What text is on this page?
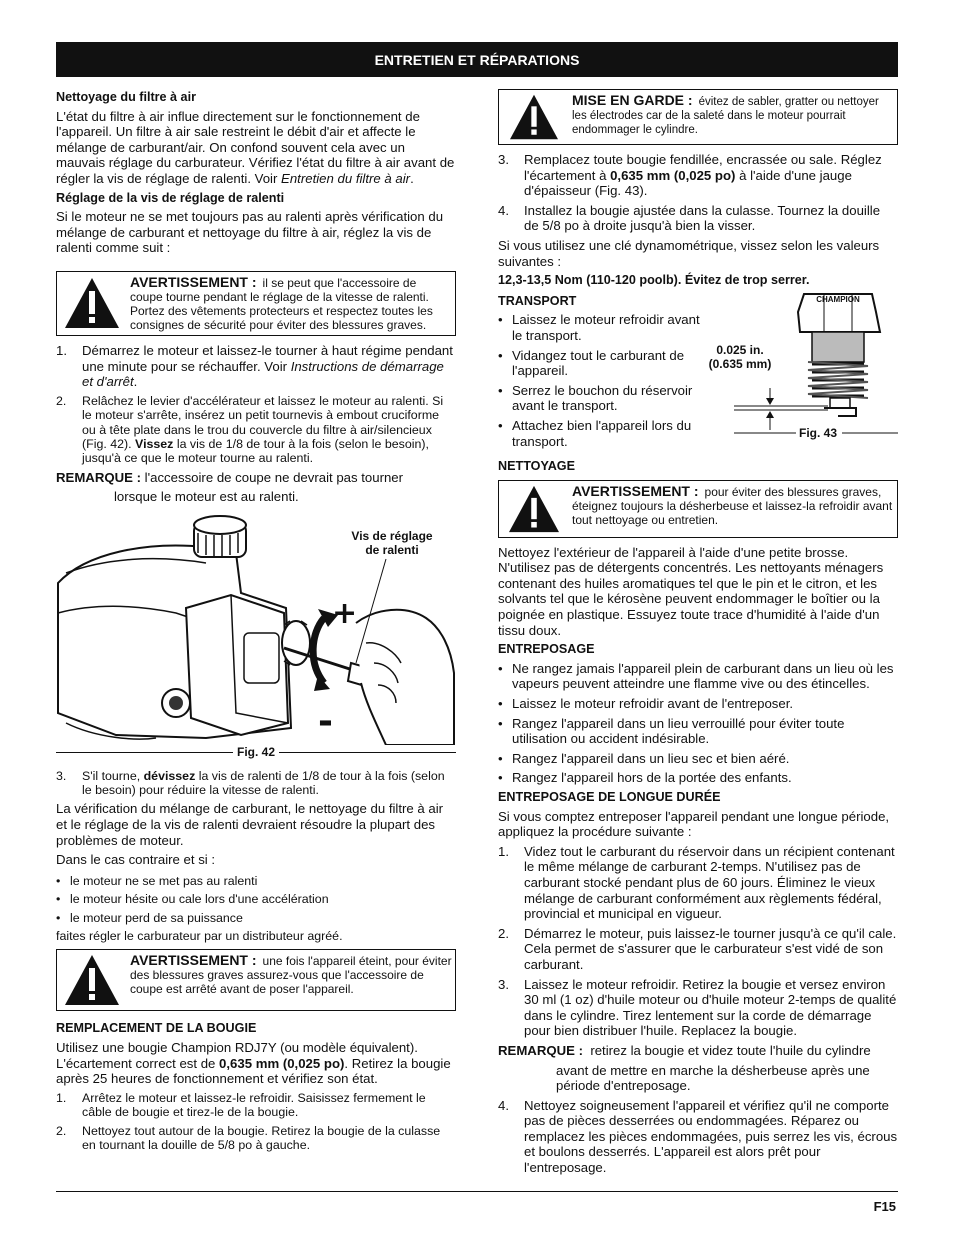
ENTRETIEN ET RÉPARATIONS

Nettoyage du filtre à air

L'état du filtre à air influe directement sur le fonctionnement de l'appareil. Un filtre à air sale restreint le débit d'air et affecte le mélange de carburant/air. On confond souvent cela avec un mauvais réglage du carburateur. Vérifiez l'état du filtre à air avant de régler la vis de réglage de ralenti. Voir Entretien du filtre à air.

Réglage de la vis de réglage de ralenti

Si le moteur ne se met toujours pas au ralenti après vérification du mélange de carburant et nettoyage du filtre à air, réglez la vis de ralenti comme suit :

AVERTISSEMENT : il se peut que l'accessoire de coupe tourne pendant le réglage de la vitesse de ralenti. Portez des vêtements protecteurs et respectez toutes les consignes de sécurité pour éviter des blessures graves.
1.	Démarrez le moteur et laissez-le tourner à haut régime pendant une minute pour se réchauffer. Voir Instructions de démarrage et d'arrêt.
2.	Relâchez le levier d'accélérateur et laissez le moteur au ralenti. Si le moteur s'arrête, insérez un petit tournevis à embout cruciforme ou à tête plate dans le trou du couvercle du filtre à air/silencieux (Fig. 42). Vissez la vis de 1/8 de tour à la fois (selon le besoin), jusqu'à ce que le moteur tourne au ralenti.
REMARQUE :
l'accessoire de coupe ne devrait pas tourner

lorsque le moteur est au ralenti.

+
-
Vis de réglage
de ralenti
Fig. 42
3.	S'il tourne, dévissez la vis de ralenti de 1/8 de tour à la fois (selon le besoin) pour réduire la vitesse de ralenti.

La vérification du mélange de carburant, le nettoyage du filtre à air et le réglage de la vis de ralenti devraient résoudre la plupart des problèmes de moteur.

Dans le cas contraire et si :

• le moteur ne se met pas au ralenti
• le moteur hésite ou cale lors d'une accélération
• le moteur perd de sa puissance

faites régler le carburateur par un distributeur agréé.

AVERTISSEMENT : une fois l'appareil éteint, pour éviter des blessures graves assurez-vous que l'accessoire de coupe est arrêté avant de poser l'appareil.

REMPLACEMENT DE LA BOUGIE

Utilisez une bougie Champion RDJ7Y (ou modèle équivalent). L'écartement correct est de 0,635 mm (0,025 po). Retirez la bougie après 25 heures de fonctionnement et vérifiez son état.

1.	Arrêtez le moteur et laissez-le refroidir. Saisissez fermement le câble de bougie et tirez-le de la bougie.
2.	Nettoyez tout autour de la bougie. Retirez la bougie de la culasse en tournant la douille de 5/8 po à gauche.
MISE EN GARDE : évitez de sabler, gratter ou nettoyer les électrodes car de la saleté dans le moteur pourrait endommager le cylindre.
3.	Remplacez toute bougie fendillée, encrassée ou sale. Réglez l'écartement à 0,635 mm (0,025 po) à l'aide d'une jauge d'épaisseur (Fig. 43).
4.	Installez la bougie ajustée dans la culasse. Tournez la douille de 5/8 po à droite jusqu'à bien la visser.

Si vous utilisez une clé dynamométrique, vissez selon les valeurs suivantes :

12,3-13,5 Nom (110-120 poolb). Évitez de trop serrer.

TRANSPORT

• Laissez le moteur refroidir avant le transport.
• Vidangez tout le carburant de l'appareil.
• Serrez le bouchon du réservoir avant le transport.
• Attachez bien l'appareil lors du transport.

NETTOYAGE

CHAMPION
0.025 in.
(0.635 mm)
Fig. 43
AVERTISSEMENT : pour éviter des blessures graves, éteignez toujours la désherbeuse et laissez-la refroidir avant tout nettoyage ou entretien.

Nettoyez l'extérieur de l'appareil à l'aide d'une petite brosse. N'utilisez pas de détergents concentrés. Les nettoyants ménagers contenant des huiles aromatiques tel que le pin et le citron, et les solvants tel que le kérosène peuvent endommager le boîtier ou la poignée en plastique. Essuyez toute trace d'humidité à l'aide d'un tissu doux.

ENTREPOSAGE

• Ne rangez jamais l'appareil plein de carburant dans un lieu où les vapeurs peuvent atteindre une flamme vive ou des étincelles.
• Laissez le moteur refroidir avant de l'entreposer.
• Rangez l'appareil dans un lieu verrouillé pour éviter toute utilisation ou accident indésirable.
• Rangez l'appareil dans un lieu sec et bien aéré.
• Rangez l'appareil hors de la portée des enfants.

ENTREPOSAGE DE LONGUE DURÉE

Si vous comptez entreposer l'appareil pendant une longue période, appliquez la procédure suivante :

1.	Videz tout le carburant du réservoir dans un récipient contenant le même mélange de carburant 2-temps. N'utilisez pas de carburant stocké pendant plus de 60 jours. Éliminez le vieux mélange de carburant conformément aux règlements fédéral, provincial et municipal en vigueur.
2.	Démarrez le moteur, puis laissez-le tourner jusqu'à ce qu'il cale. Cela permet de s'assurer que le carburateur s'est vidé de son carburant.
3.	Laissez le moteur refroidir. Retirez la bougie et versez environ 30 ml (1 oz) d'huile moteur ou d'huile moteur 2-temps de qualité dans le cylindre. Tirez lentement sur la corde de démarrage pour bien distribuer l'huile. Replacez la bougie.
REMARQUE :
retirez la bougie et videz toute l'huile du cylindre

avant de mettre en marche la désherbeuse après une période d'entreposage.

4.	Nettoyez soigneusement l'appareil et vérifiez qu'il ne comporte pas de pièces desserrées ou endommagées. Réparez ou remplacez les pièces endommagées, puis serrez les vis, écrous et boulons desserrés. L'appareil est alors prêt pour l'entreposage.
F15
